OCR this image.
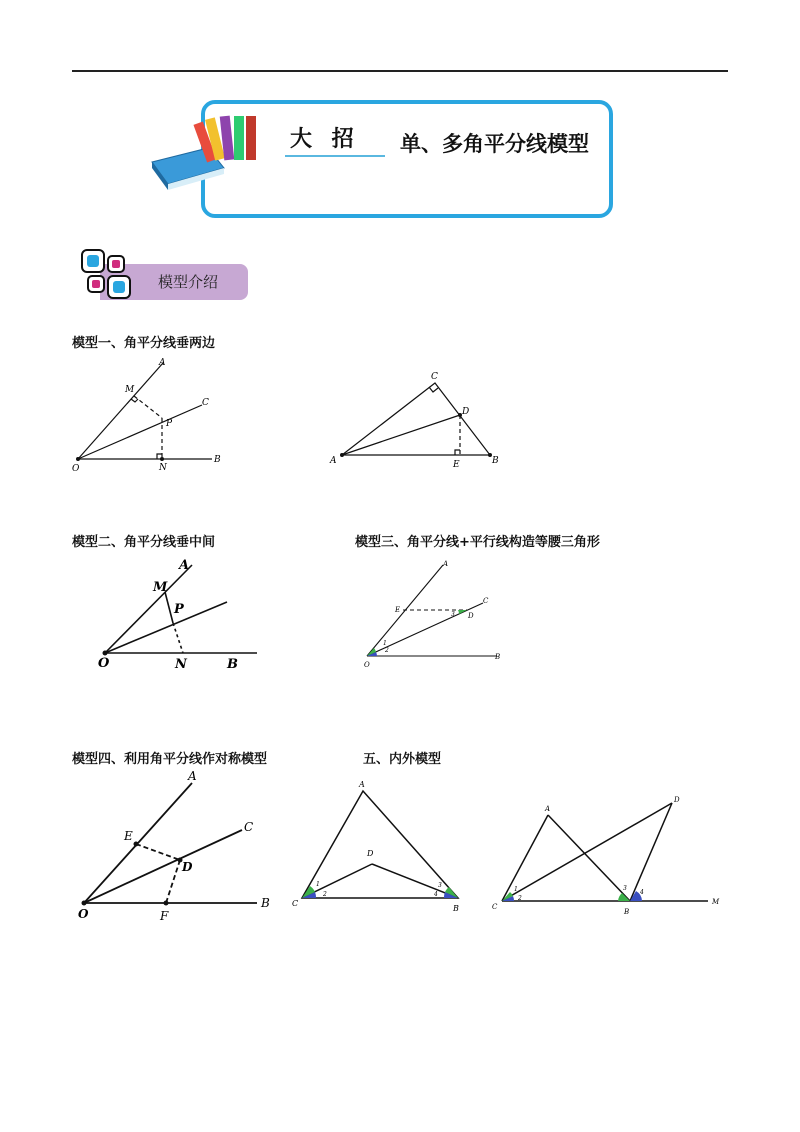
大 招 单、多角平分线模型
模型介绍
模型一、角平分线垂两边
模型二、角平分线垂中间	模型三、角平分线+平行线构造等腰三角形
模型四、利用角平分线作对称模型	五、内外模型
O
A
B
C
M
N
P
A	B
C
D
E
O
A
B
M
N
P
O
A
B
C
D
E
1
2
3
O
A
B
C
D
E
F
C
A
B
D
1
2
3
4
C
A
B
D
M
1
2
3
4
